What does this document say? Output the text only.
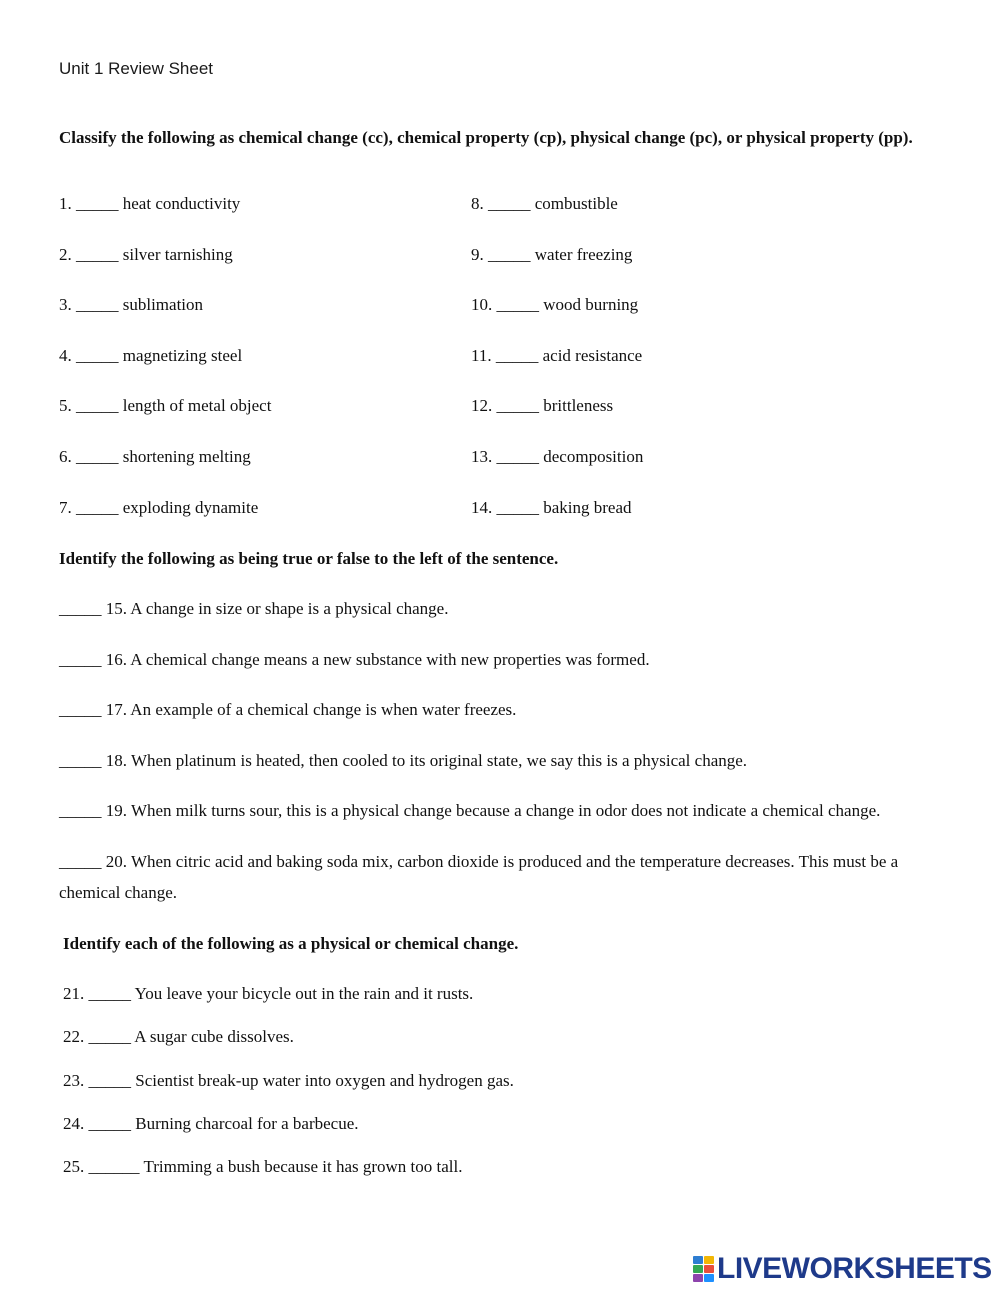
Unit 1 Review Sheet
Classify the following as chemical change (cc), chemical property (cp), physical change (pc), or physical property (pp).
1. _____ heat conductivity
2. _____ silver tarnishing
3. _____ sublimation
4. _____ magnetizing steel
5. _____ length of metal object
6. _____ shortening melting
7. _____ exploding dynamite
8. _____ combustible
9. _____ water freezing
10. _____ wood burning
11. _____ acid resistance
12. _____ brittleness
13. _____ decomposition
14. _____ baking bread
Identify the following as being true or false to the left of the sentence.
_____ 15. A change in size or shape is a physical change.
_____ 16. A chemical change means a new substance with new properties was formed.
_____ 17. An example of a chemical change is when water freezes.
_____ 18. When platinum is heated, then cooled to its original state, we say this is a physical change.
_____ 19. When milk turns sour, this is a physical change because a change in odor does not indicate a chemical change.
_____ 20. When citric acid and baking soda mix, carbon dioxide is produced and the temperature decreases. This must be a chemical change.
Identify each of the following as a physical or chemical change.
21. _____ You leave your bicycle out in the rain and it rusts.
22. _____ A sugar cube dissolves.
23. _____ Scientist break-up water into oxygen and hydrogen gas.
24. _____ Burning charcoal for a barbecue.
25. ______ Trimming a bush because it has grown too tall.
LIVEWORKSHEETS
